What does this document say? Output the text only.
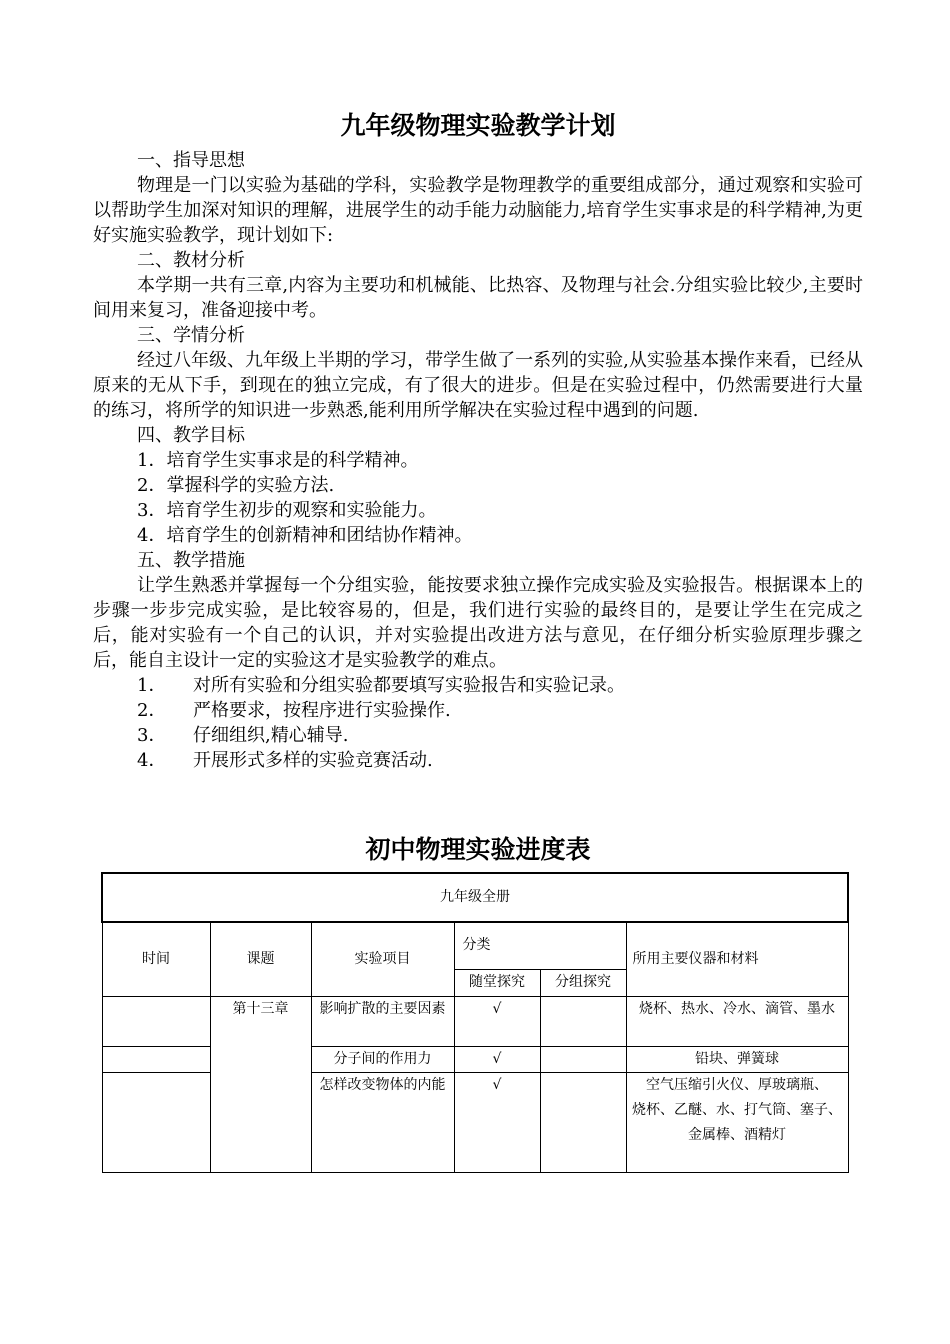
九年级物理实验教学计划

一、指导思想

物理是一门以实验为基础的学科，实验教学是物理教学的重要组成部分，通过观察和实验可以帮助学生加深对知识的理解，进展学生的动手能力动脑能力,培育学生实事求是的科学精神,为更好实施实验教学，现计划如下:

二、教材分析

本学期一共有三章,内容为主要功和机械能、比热容、及物理与社会.分组实验比较少,主要时间用来复习，准备迎接中考。

三、学情分析

经过八年级、九年级上半期的学习，带学生做了一系列的实验,从实验基本操作来看，已经从原来的无从下手，到现在的独立完成，有了很大的进步。但是在实验过程中，仍然需要进行大量的练习，将所学的知识进一步熟悉,能利用所学解决在实验过程中遇到的问题.

四、教学目标

1．培育学生实事求是的科学精神。

2．掌握科学的实验方法.

3．培育学生初步的观察和实验能力。

4．培育学生的创新精神和团结协作精神。

五、教学措施

让学生熟悉并掌握每一个分组实验，能按要求独立操作完成实验及实验报告。根据课本上的步骤一步步完成实验，是比较容易的，但是，我们进行实验的最终目的，是要让学生在完成之后，能对实验有一个自己的认识，并对实验提出改进方法与意见，在仔细分析实验原理步骤之后，能自主设计一定的实验这才是实验教学的难点。

1． 对所有实验和分组实验都要填写实验报告和实验记录。

2． 严格要求，按程序进行实验操作.

3． 仔细组织,精心辅导.

4． 开展形式多样的实验竞赛活动.

初中物理实验进度表
九年级全册					
时间	课题	实验项目	分类		所用主要仪器和材料
			随堂探究	分组探究	
	第十三章	影响扩散的主要因素	√		烧杯、热水、冷水、滴管、墨水
		分子间的作用力	√		铅块、弹簧球
		怎样改变物体的内能	√		空气压缩引火仪、厚玻璃瓶、
烧杯、乙醚、水、打气筒、塞子、金属棒、酒精灯
